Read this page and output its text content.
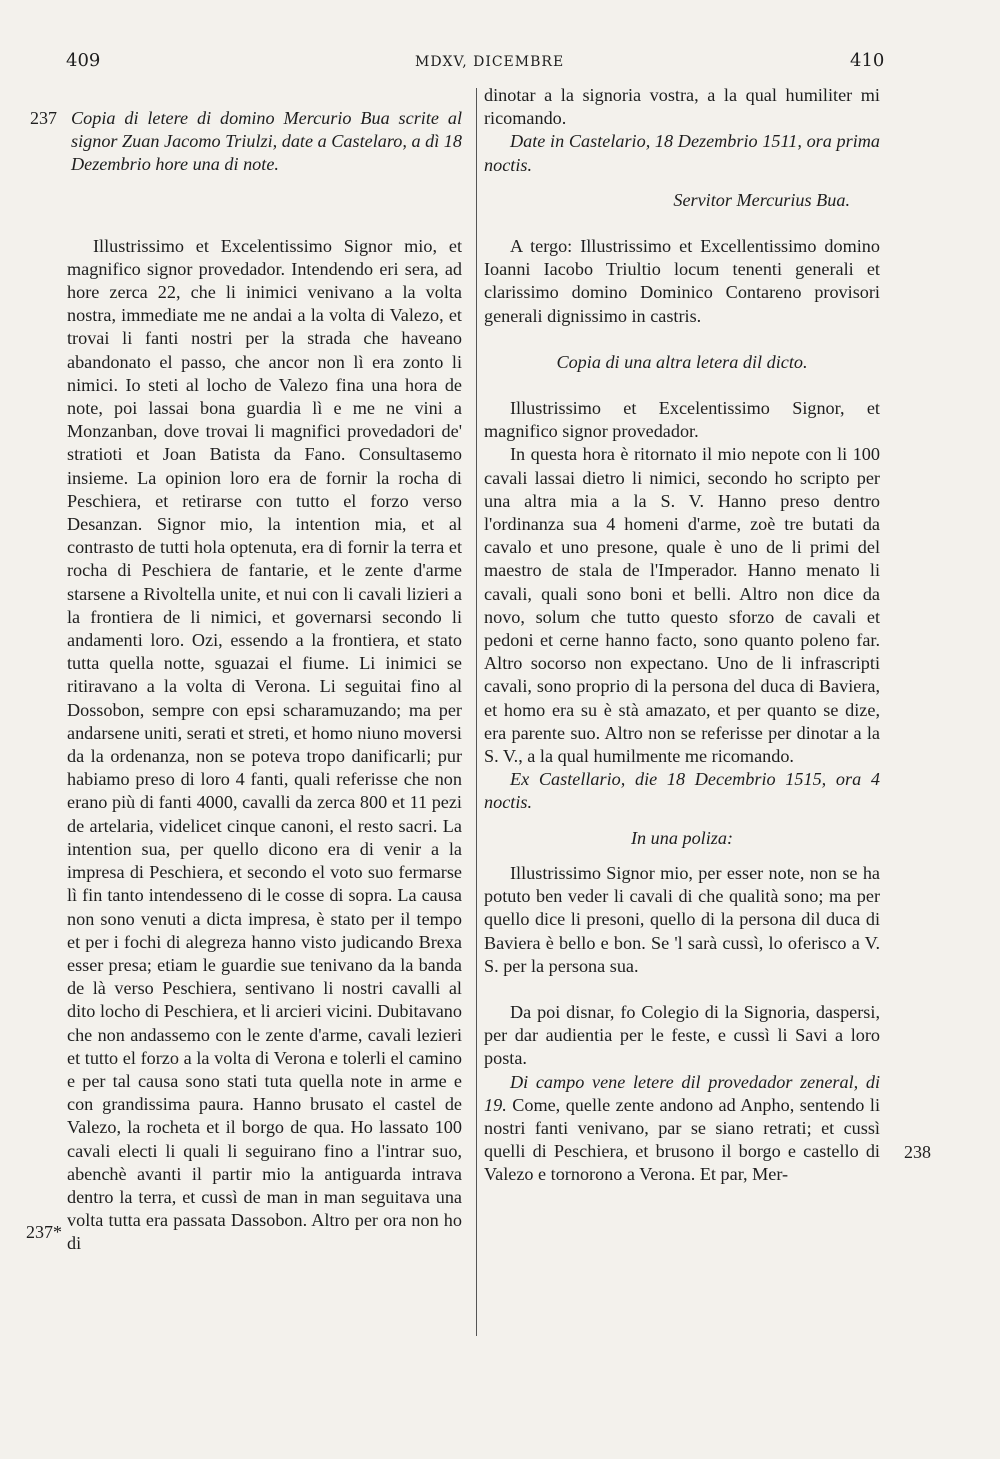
409	MDXV, DICEMBRE	410
237
237*
238

Copia di letere di domino Mercurio Bua scrite al signor Zuan Jacomo Triulzi, date a Castelaro, a dì 18 Dezembrio hore una di note.

Illustrissimo et Excelentissimo Signor mio, et magnifico signor provedador. Intendendo eri sera, ad hore zerca 22, che li inimici venivano a la volta nostra, immediate me ne andai a la volta di Valezo, et trovai li fanti nostri per la strada che haveano abandonato el passo, che ancor non lì era zonto li nimici. Io steti al locho de Valezo fina una hora de note, poi lassai bona guardia lì e me ne vini a Monzanban, dove trovai li magnifici provedadori de' stratioti et Joan Batista da Fano. Consultasemo insieme. La opinion loro era de fornir la rocha di Peschiera, et retirarse con tutto el forzo verso Desanzan. Signor mio, la intention mia, et al contrasto de tutti hola optenuta, era di fornir la terra et rocha di Peschiera de fantarie, et le zente d'arme starsene a Rivoltella unite, et nui con li cavali lizieri a la frontiera de li nimici, et governarsi secondo li andamenti loro. Ozi, essendo a la frontiera, et stato tutta quella notte, sguazai el fiume. Li inimici se ritiravano a la volta di Verona. Li seguitai fino al Dossobon, sempre con epsi scharamuzando; ma per andarsene uniti, serati et streti, et homo niuno moversi da la ordenanza, non se poteva tropo danificarli; pur habiamo preso di loro 4 fanti, quali referisse che non erano più di fanti 4000, cavalli da zerca 800 et 11 pezi de artelaria, videlicet cinque canoni, el resto sacri. La intention sua, per quello dicono era di venir a la impresa di Peschiera, et secondo el voto suo fermarse lì fin tanto intendesseno di le cosse di sopra. La causa non sono venuti a dicta impresa, è stato per il tempo et per i fochi di alegreza hanno visto judicando Brexa esser presa; etiam le guardie sue tenivano da la banda de là verso Peschiera, sentivano li nostri cavalli al dito locho di Peschiera, et li arcieri vicini. Dubitavano che non andassemo con le zente d'arme, cavali lezieri et tutto el forzo a la volta di Verona e tolerli el camino e per tal causa sono stati tuta quella note in arme e con grandissima paura. Hanno brusato el castel de Valezo, la rocheta et il borgo de qua. Ho lassato 100 cavali electi li quali li seguirano fino a l'intrar suo, abenchè avanti il partir mio la antiguarda intrava dentro la terra, et cussì de man in man seguitava una volta tutta era passata Dassobon. Altro per ora non ho di

dinotar a la signoria vostra, a la qual humiliter mi ricomando.

Date in Castelario, 18 Dezembrio 1511, ora prima noctis.

Servitor Mercurius Bua.

A tergo: Illustrissimo et Excellentissimo domino Ioanni Iacobo Triultio locum tenenti generali et clarissimo domino Dominico Contareno provisori generali dignissimo in castris.

Copia di una altra letera dil dicto.

Illustrissimo et Excelentissimo Signor, et magnifico signor provedador.

In questa hora è ritornato il mio nepote con li 100 cavali lassai dietro li nimici, secondo ho scripto per una altra mia a la S. V. Hanno preso dentro l'ordinanza sua 4 homeni d'arme, zoè tre butati da cavalo et uno presone, quale è uno de li primi del maestro de stala de l'Imperador. Hanno menato li cavali, quali sono boni et belli. Altro non dice da novo, solum che tutto questo sforzo de cavali et pedoni et cerne hanno facto, sono quanto poleno far. Altro socorso non expectano. Uno de li infrascripti cavali, sono proprio di la persona del duca di Baviera, et homo era su è stà amazato, et per quanto se dize, era parente suo. Altro non se referisse per dinotar a la S. V., a la qual humilmente me ricomando.

Ex Castellario, die 18 Decembrio 1515, ora 4 noctis.

In una poliza:

Illustrissimo Signor mio, per esser note, non se ha potuto ben veder li cavali di che qualità sono; ma per quello dice li presoni, quello di la persona dil duca di Baviera è bello e bon. Se 'l sarà cussì, lo oferisco a V. S. per la persona sua.

Da poi disnar, fo Colegio di la Signoria, daspersi, per dar audientia per le feste, e cussì li Savi a loro posta.

Di campo vene letere dil provedador zeneral, di 19. Come, quelle zente andono ad Anpho, sentendo li nostri fanti venivano, par se siano retrati; et cussì quelli di Peschiera, et brusono il borgo e castello di Valezo e tornorono a Verona. Et par, Mer-
